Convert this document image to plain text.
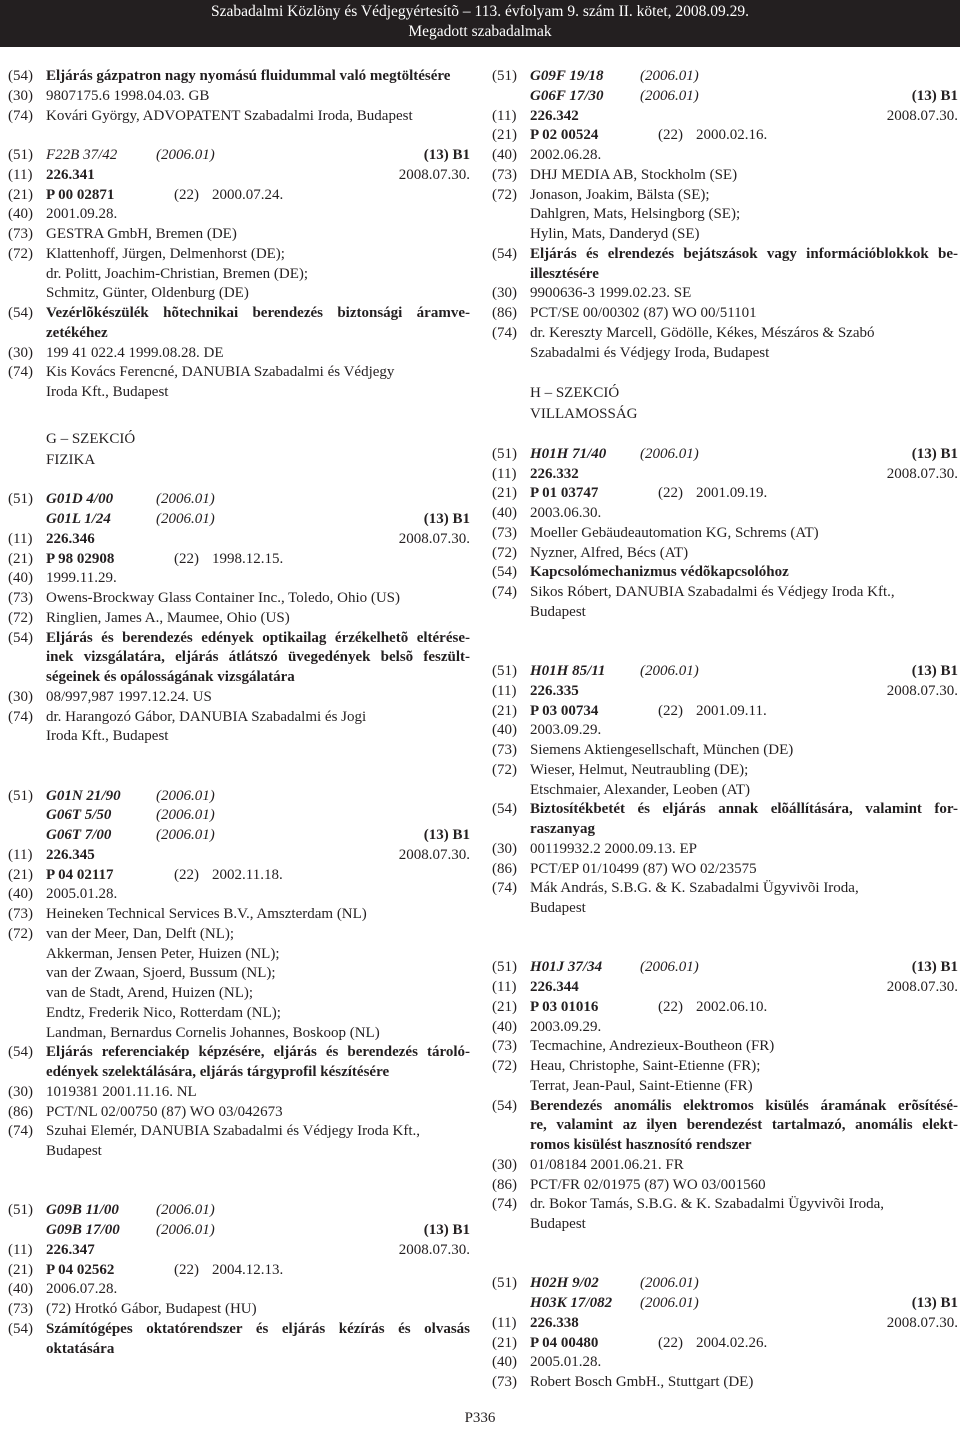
Szabadalmi Közlöny és Védjegyértesítõ – 113. évfolyam 9. szám II. kötet, 2008.09.29.
Megadott szabadalmak
(54) Eljárás gázpatron nagy nyomású fluidummal való megtöltésére
(30) 9807175.6 1998.04.03. GB
(74) Kovári György, ADVOPATENT Szabadalmi Iroda, Budapest
(51) F22B 37/42	(2006.01)	(13) B1
(11) 226.341	2008.07.30.
(21) P 00 02871	(22) 2000.07.24.
(40) 2001.09.28.
(73) GESTRA GmbH, Bremen (DE)
(72) Klattenhoff, Jürgen, Delmenhorst (DE);
dr. Politt, Joachim-Christian, Bremen (DE);
Schmitz, Günter, Oldenburg (DE)
(54) Vezérlõkészülék hõtechnikai berendezés biztonsági áramve-
zetékéhez
(30) 199 41 022.4 1999.08.28. DE
(74) Kis Kovács Ferencné, DANUBIA Szabadalmi és Védjegy
Iroda Kft., Budapest
G – SZEKCIÓ
FIZIKA
(51) G01D 4/00	(2006.01)
G01L 1/24	(2006.01)	(13) B1
(11) 226.346	2008.07.30.
(21) P 98 02908	(22) 1998.12.15.
(40) 1999.11.29.
(73) Owens-Brockway Glass Container Inc., Toledo, Ohio (US)
(72) Ringlien, James A., Maumee, Ohio (US)
(54) Eljárás és berendezés edények optikailag érzékelhetõ eltérése-
inek vizsgálatára, eljárás átlátszó üvegedények belsõ feszült-
ségeinek és opálosságának vizsgálatára
(30) 08/997,987 1997.12.24. US
(74) dr. Harangozó Gábor, DANUBIA Szabadalmi és Jogi
Iroda Kft., Budapest
(51) G01N 21/90 (2006.01)
G06T 5/50	(2006.01)
G06T 7/00	(2006.01)	(13) B1
(11) 226.345	2008.07.30.
(21) P 04 02117	(22) 2002.11.18.
(40) 2005.01.28.
(73) Heineken Technical Services B.V., Amszterdam (NL)
(72) van der Meer, Dan, Delft (NL);
Akkerman, Jensen Peter, Huizen (NL);
van der Zwaan, Sjoerd, Bussum (NL);
van de Stadt, Arend, Huizen (NL);
Endtz, Frederik Nico, Rotterdam (NL);
Landman, Bernardus Cornelis Johannes, Boskoop (NL)
(54) Eljárás referenciakép képzésére, eljárás és berendezés tároló-
edények szelektálására, eljárás tárgyprofil készítésére
(30) 1019381 2001.11.16. NL
(86) PCT/NL 02/00750 (87) WO 03/042673
(74) Szuhai Elemér, DANUBIA Szabadalmi és Védjegy Iroda Kft.,
Budapest
(51) G09B 11/00 (2006.01)
G09B 17/00 (2006.01)	(13) B1
(11) 226.347	2008.07.30.
(21) P 04 02562	(22) 2004.12.13.
(40) 2006.07.28.
(73) (72) Hrotkó Gábor, Budapest (HU)
(54) Számítógépes oktatórendszer és eljárás kézírás és olvasás
oktatására
(51) G09F 19/18 (2006.01)
G06F 17/30 (2006.01)	(13) B1
(11) 226.342	2008.07.30.
(21) P 02 00524	(22) 2000.02.16.
(40) 2002.06.28.
(73) DHJ MEDIA AB, Stockholm (SE)
(72) Jonason, Joakim, Bälsta (SE);
Dahlgren, Mats, Helsingborg (SE);
Hylin, Mats, Danderyd (SE)
(54) Eljárás és elrendezés bejátszások vagy információblokkok be-
illesztésére
(30) 9900636-3 1999.02.23. SE
(86) PCT/SE 00/00302 (87) WO 00/51101
(74) dr. Kereszty Marcell, Gödölle, Kékes, Mészáros & Szabó
Szabadalmi és Védjegy Iroda, Budapest
H – SZEKCIÓ
VILLAMOSSÁG
(51) H01H 71/40 (2006.01)	(13) B1
(11) 226.332	2008.07.30.
(21) P 01 03747	(22) 2001.09.19.
(40) 2003.06.30.
(73) Moeller Gebäudeautomation KG, Schrems (AT)
(72) Nyzner, Alfred, Bécs (AT)
(54) Kapcsolómechanizmus védõkapcsolóhoz
(74) Sikos Róbert, DANUBIA Szabadalmi és Védjegy Iroda Kft.,
Budapest
(51) H01H 85/11 (2006.01)	(13) B1
(11) 226.335	2008.07.30.
(21) P 03 00734	(22) 2001.09.11.
(40) 2003.09.29.
(73) Siemens Aktiengesellschaft, München (DE)
(72) Wieser, Helmut, Neutraubling (DE);
Etschmaier, Alexander, Leoben (AT)
(54) Biztosítékbetét és eljárás annak elõállítására, valamint for-
raszanyag
(30) 00119932.2 2000.09.13. EP
(86) PCT/EP 01/10499 (87) WO 02/23575
(74) Mák András, S.B.G. & K. Szabadalmi Ügyvivõi Iroda,
Budapest
(51) H01J 37/34	(2006.01)	(13) B1
(11) 226.344	2008.07.30.
(21) P 03 01016	(22) 2002.06.10.
(40) 2003.09.29.
(73) Tecmachine, Andrezieux-Boutheon (FR)
(72) Heau, Christophe, Saint-Etienne (FR);
Terrat, Jean-Paul, Saint-Etienne (FR)
(54) Berendezés anomális elektromos kisülés áramának erõsítésé-
re, valamint az ilyen berendezést tartalmazó, anomális elekt-
romos kisülést hasznosító rendszer
(30) 01/08184 2001.06.21. FR
(86) PCT/FR 02/01975 (87) WO 03/001560
(74) dr. Bokor Tamás, S.B.G. & K. Szabadalmi Ügyvivõi Iroda,
Budapest
(51) H02H 9/02	(2006.01)
H03K 17/082 (2006.01)	(13) B1
(11) 226.338	2008.07.30.
(21) P 04 00480	(22) 2004.02.26.
(40) 2005.01.28.
(73) Robert Bosch GmbH., Stuttgart (DE)
P336
